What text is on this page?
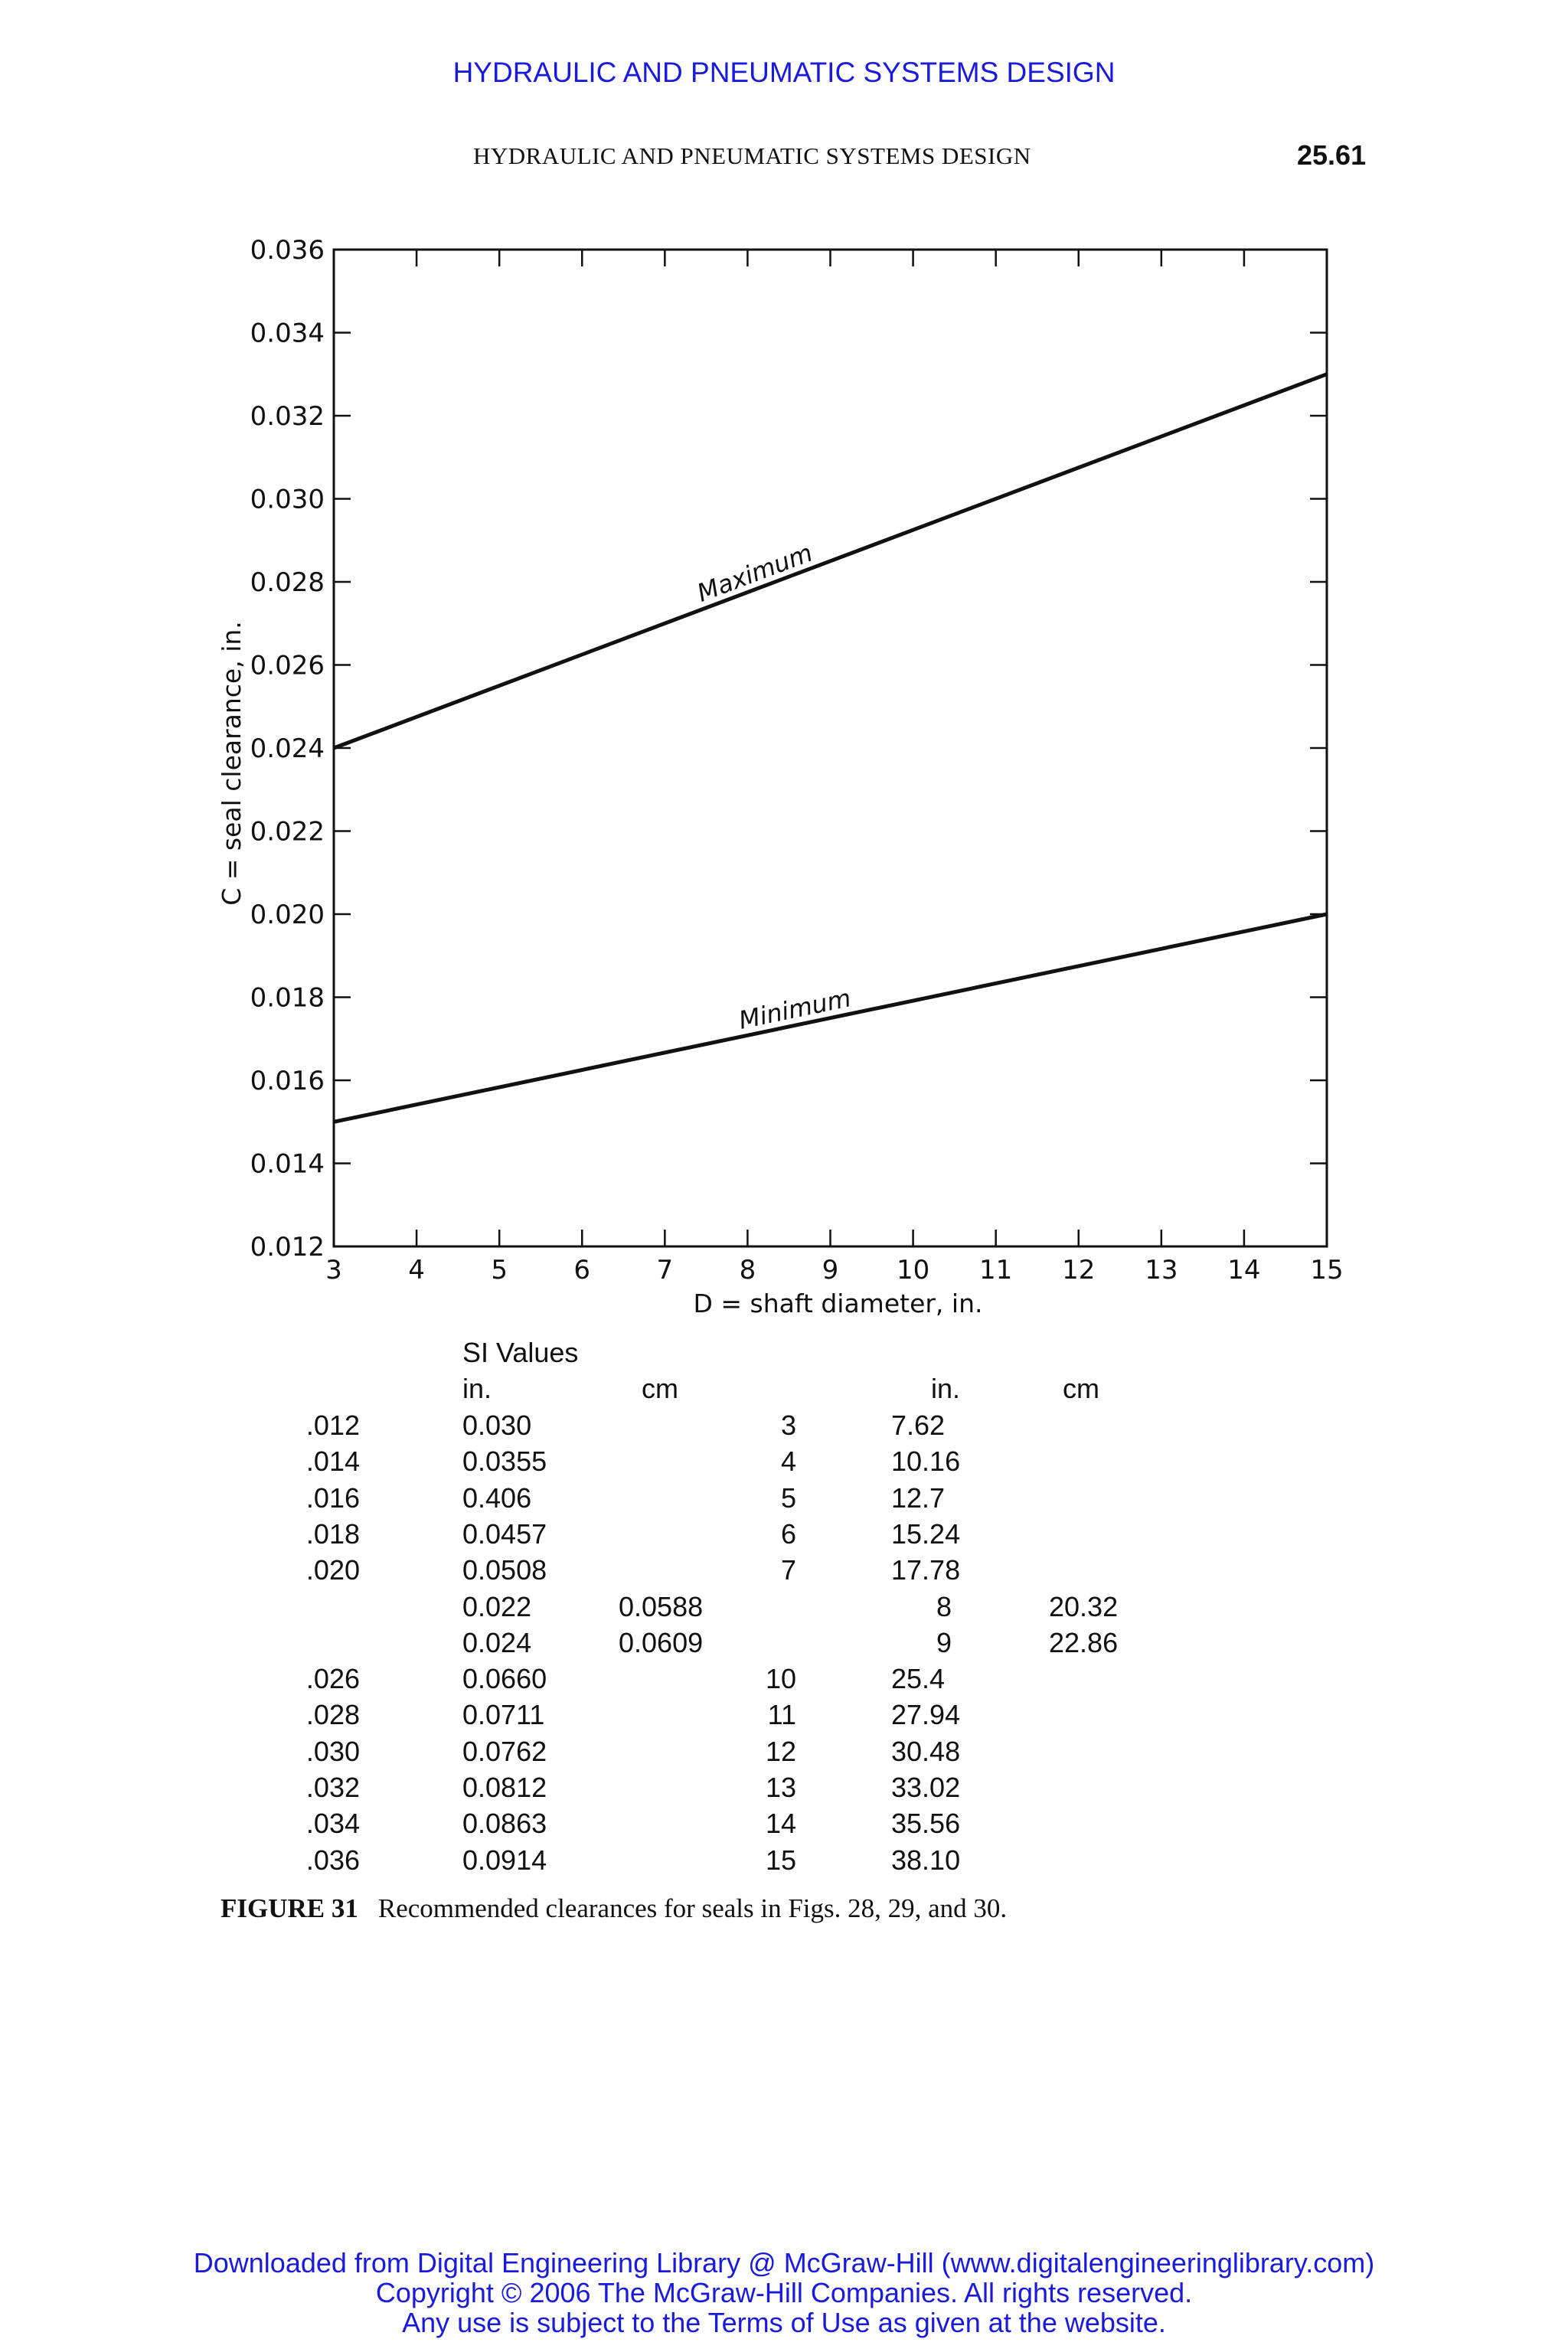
HYDRAULIC AND PNEUMATIC SYSTEMS DESIGN
HYDRAULIC AND PNEUMATIC SYSTEMS DESIGN	25.61
3	4	5	6	7	8	9 10 11 12 13 14 15
0.012
0.014
0.016
0.018
0.020
0.022
0.024
0.026
0.028
0.030
0.032
0.034
0.036
D = shaft diameter, in.
C = seal clearance, in.
Maximum
Minimum
SI Values
in.	cm	in.	cm
.012	0.030	3	7.62
.014	0.0355	4	10.16
.016	0.406	5	12.7
.018	0.0457	6	15.24
.020	0.0508	7	17.78
0.022	0.0588	8	20.32
0.024	0.0609	9	22.86
.026	0.0660	10	25.4
.028	0.0711	11	27.94
.030	0.0762	12	30.48
.032	0.0812	13	33.02
.034	0.0863	14	35.56
.036	0.0914	15	38.10
FIGURE 31 Recommended clearances for seals in Figs. 28, 29, and 30.
Downloaded from Digital Engineering Library @ McGraw-Hill (www.digitalengineeringlibrary.com)
Copyright © 2006 The McGraw-Hill Companies. All rights reserved.
Any use is subject to the Terms of Use as given at the website.
